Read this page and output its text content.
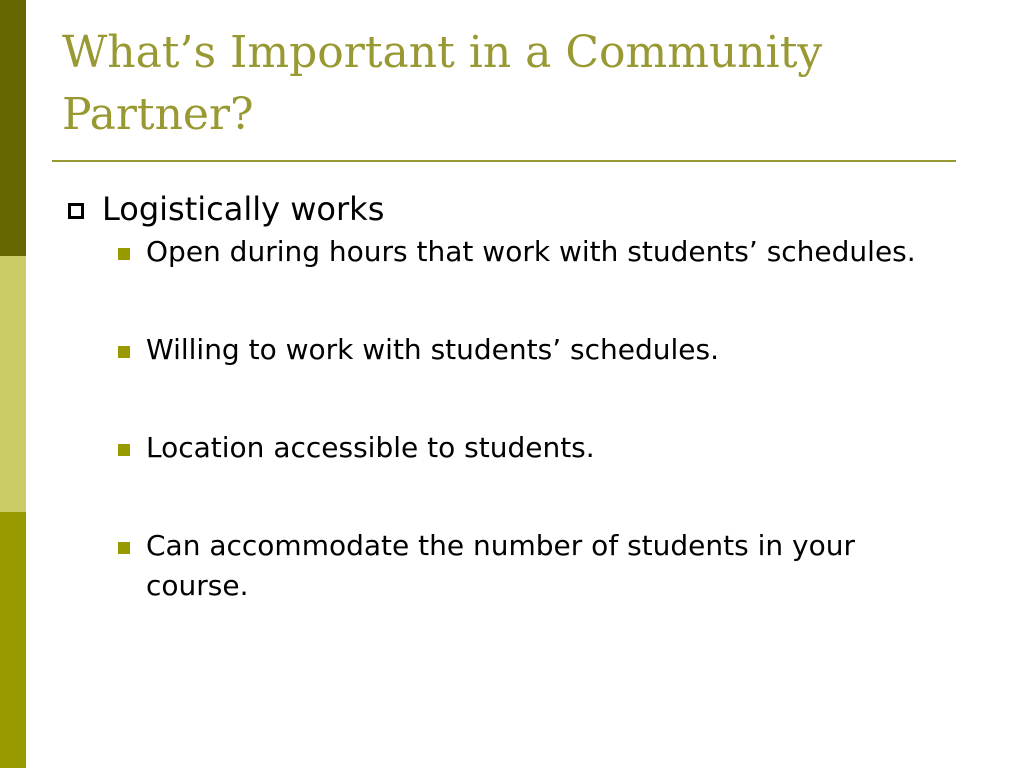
What’s Important in a Community Partner?
Logistically works
Open during hours that work with students’ schedules.
Willing to work with students’ schedules.
Location accessible to students.
Can accommodate the number of students in your course.
